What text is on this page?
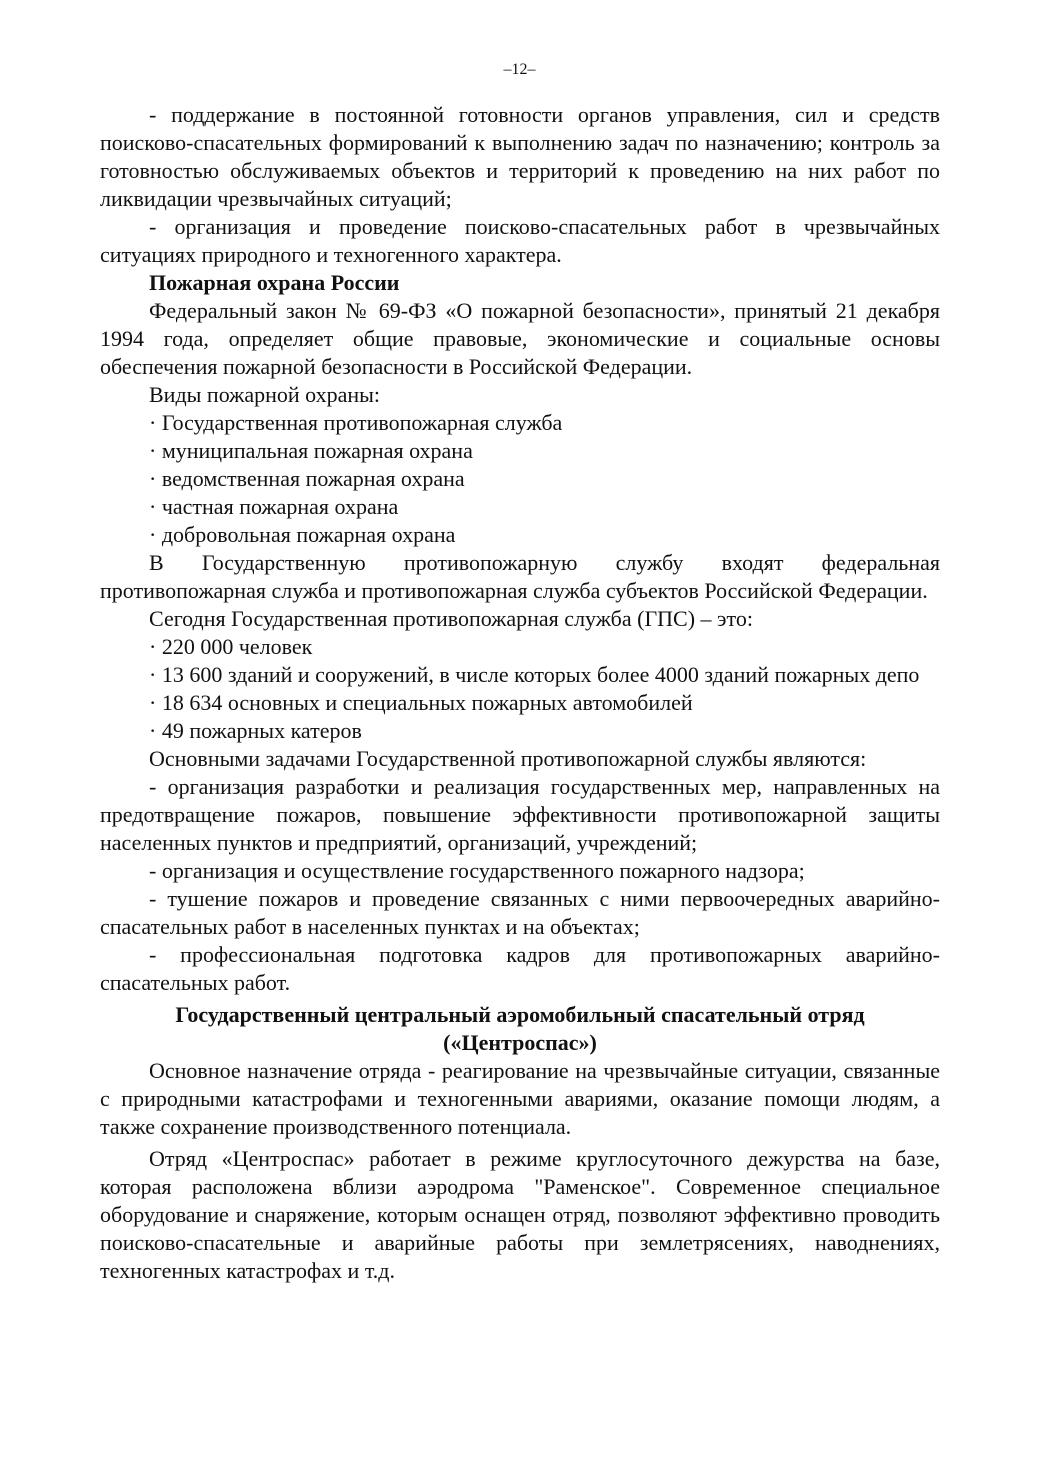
–12–

- поддержание в постоянной готовности органов управления, сил и средств поисково-спасательных формирований к выполнению задач по назначению; контроль за готовностью обслуживаемых объектов и территорий к проведению на них работ по ликвидации чрезвычайных ситуаций;

- организация и проведение поисково-спасательных работ в чрезвычайных ситуациях природного и техногенного характера.

Пожарная охрана России

Федеральный закон № 69-ФЗ «О пожарной безопасности», принятый 21 декабря 1994 года, определяет общие правовые, экономические и социальные основы обеспечения пожарной безопасности в Российской Федерации.

Виды пожарной охраны:

· Государственная противопожарная служба

· муниципальная пожарная охрана

· ведомственная пожарная охрана

· частная пожарная охрана

· добровольная пожарная охрана

В Государственную противопожарную службу входят федеральная противопожарная служба и противопожарная служба субъектов Российской Федерации.

Сегодня Государственная противопожарная служба (ГПС) – это:

· 220 000 человек

· 13 600 зданий и сооружений, в числе которых более 4000 зданий пожарных депо

· 18 634 основных и специальных пожарных автомобилей

· 49 пожарных катеров

Основными задачами Государственной противопожарной службы являются:

- организация разработки и реализация государственных мер, направленных на предотвращение пожаров, повышение эффективности противопожарной защиты населенных пунктов и предприятий, организаций, учреждений;

- организация и осуществление государственного пожарного надзора;

- тушение пожаров и проведение связанных с ними первоочередных аварийно-спасательных работ в населенных пунктах и на объектах;

- профессиональная подготовка кадров для противопожарных аварийно-спасательных работ.

Государственный центральный аэромобильный спасательный отряд
(«Центроспас»)

Основное назначение отряда - реагирование на чрезвычайные ситуации, связанные с природными катастрофами и техногенными авариями, оказание помощи людям, а также сохранение производственного потенциала.

Отряд «Центроспас» работает в режиме круглосуточного дежурства на базе, которая расположена вблизи аэродрома "Раменское". Современное специальное оборудование и снаряжение, которым оснащен отряд, позволяют эффективно проводить поисково-спасательные и аварийные работы при землетрясениях, наводнениях, техногенных катастрофах и т.д.
